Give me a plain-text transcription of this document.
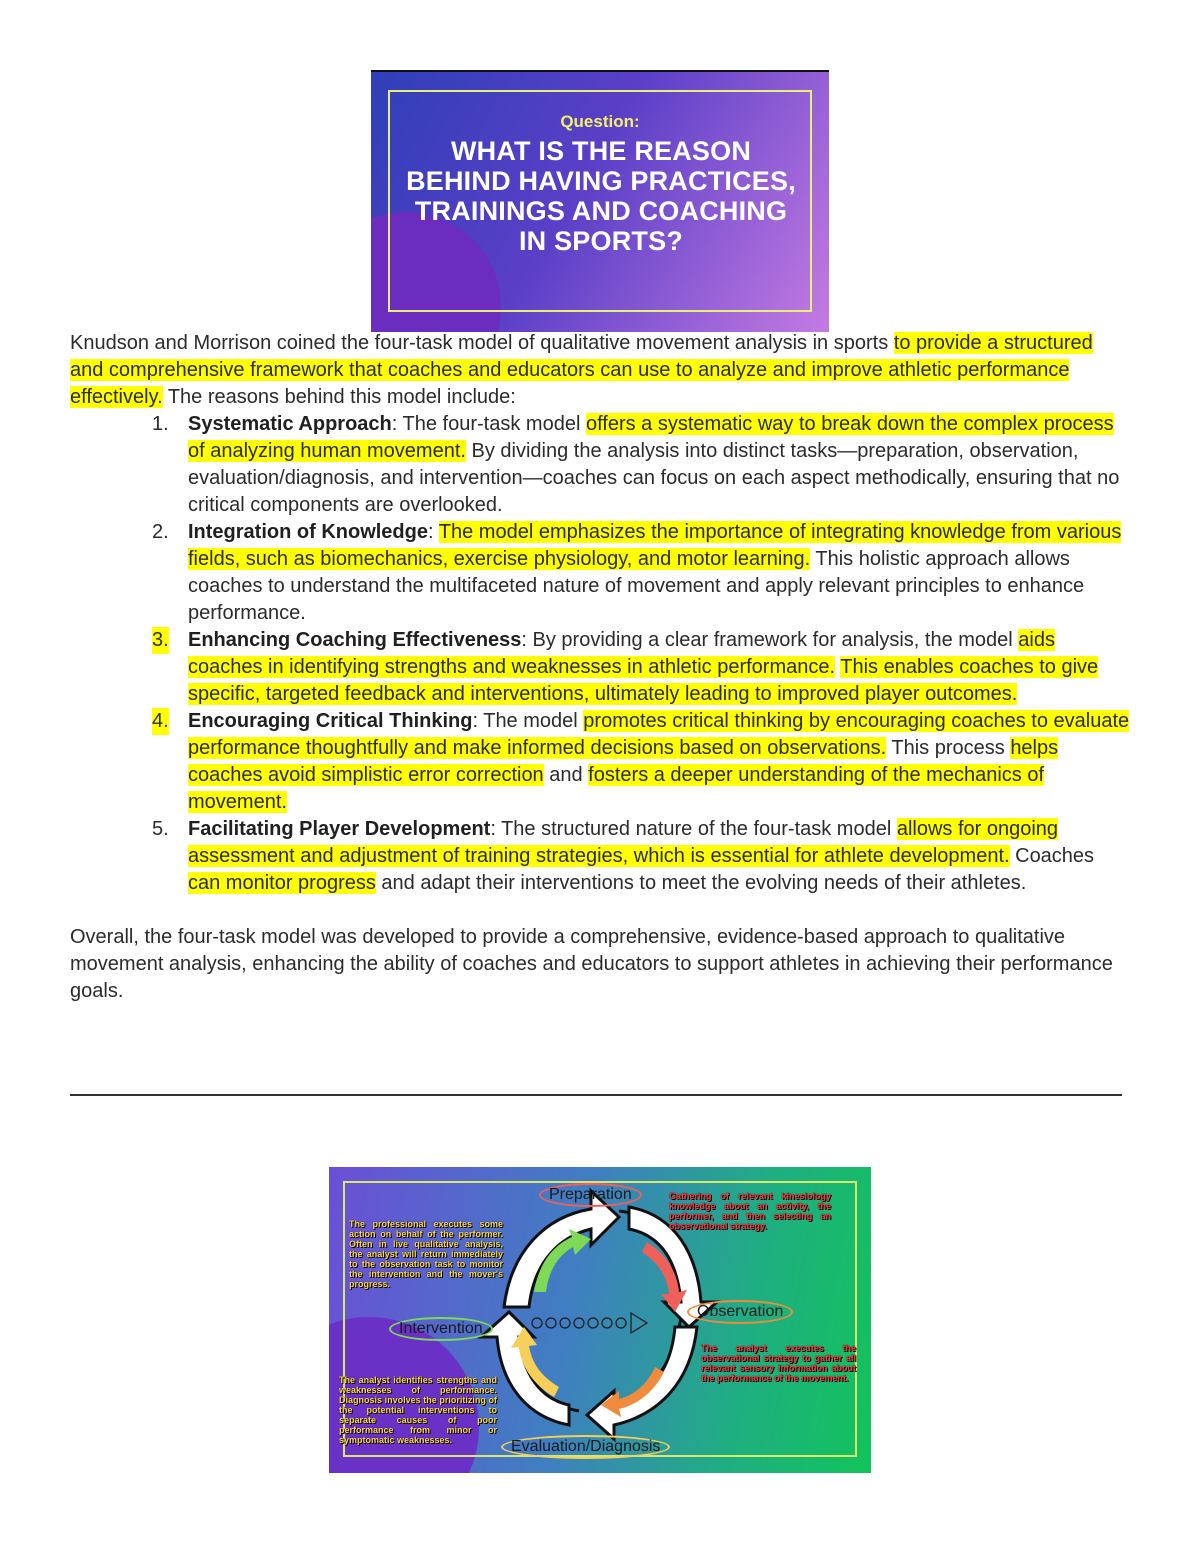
Question:
WHAT IS THE REASON BEHIND HAVING PRACTICES, TRAININGS AND COACHING IN SPORTS?

Knudson and Morrison coined the four-task model of qualitative movement analysis in sports to provide a structured and comprehensive framework that coaches and educators can use to analyze and improve athletic performance effectively. The reasons behind this model include:

1. Systematic Approach: The four-task model offers a systematic way to break down the complex process of analyzing human movement. By dividing the analysis into distinct tasks—preparation, observation, evaluation/diagnosis, and intervention—coaches can focus on each aspect methodically, ensuring that no critical components are overlooked.
2. Integration of Knowledge: The model emphasizes the importance of integrating knowledge from various fields, such as biomechanics, exercise physiology, and motor learning. This holistic approach allows coaches to understand the multifaceted nature of movement and apply relevant principles to enhance performance.
3. Enhancing Coaching Effectiveness: By providing a clear framework for analysis, the model aids coaches in identifying strengths and weaknesses in athletic performance. This enables coaches to give specific, targeted feedback and interventions, ultimately leading to improved player outcomes.
4. Encouraging Critical Thinking: The model promotes critical thinking by encouraging coaches to evaluate performance thoughtfully and make informed decisions based on observations. This process helps coaches avoid simplistic error correction and fosters a deeper understanding of the mechanics of movement.
5. Facilitating Player Development: The structured nature of the four-task model allows for ongoing assessment and adjustment of training strategies, which is essential for athlete development. Coaches can monitor progress and adapt their interventions to meet the evolving needs of their athletes.

Overall, the four-task model was developed to provide a comprehensive, evidence-based approach to qualitative movement analysis, enhancing the ability of coaches and educators to support athletes in achieving their performance goals.

Preparation
Observation
Evaluation/Diagnosis
Intervention
Gathering of relevant kinesiology knowledge about an activity, the performer, and then selecting an observational strategy.
The analyst executes the observational strategy to gather all relevant sensory information about the performance of the movement.
The analyst identifies strengths and weaknesses of performance. Diagnosis involves the prioritizing of the potential interventions to separate causes of poor performance from minor or symptomatic weaknesses.
The professional executes some action on behalf of the performer. Often in live qualitative analysis, the analyst will return immediately to the observation task to monitor the intervention and the mover's progress.
